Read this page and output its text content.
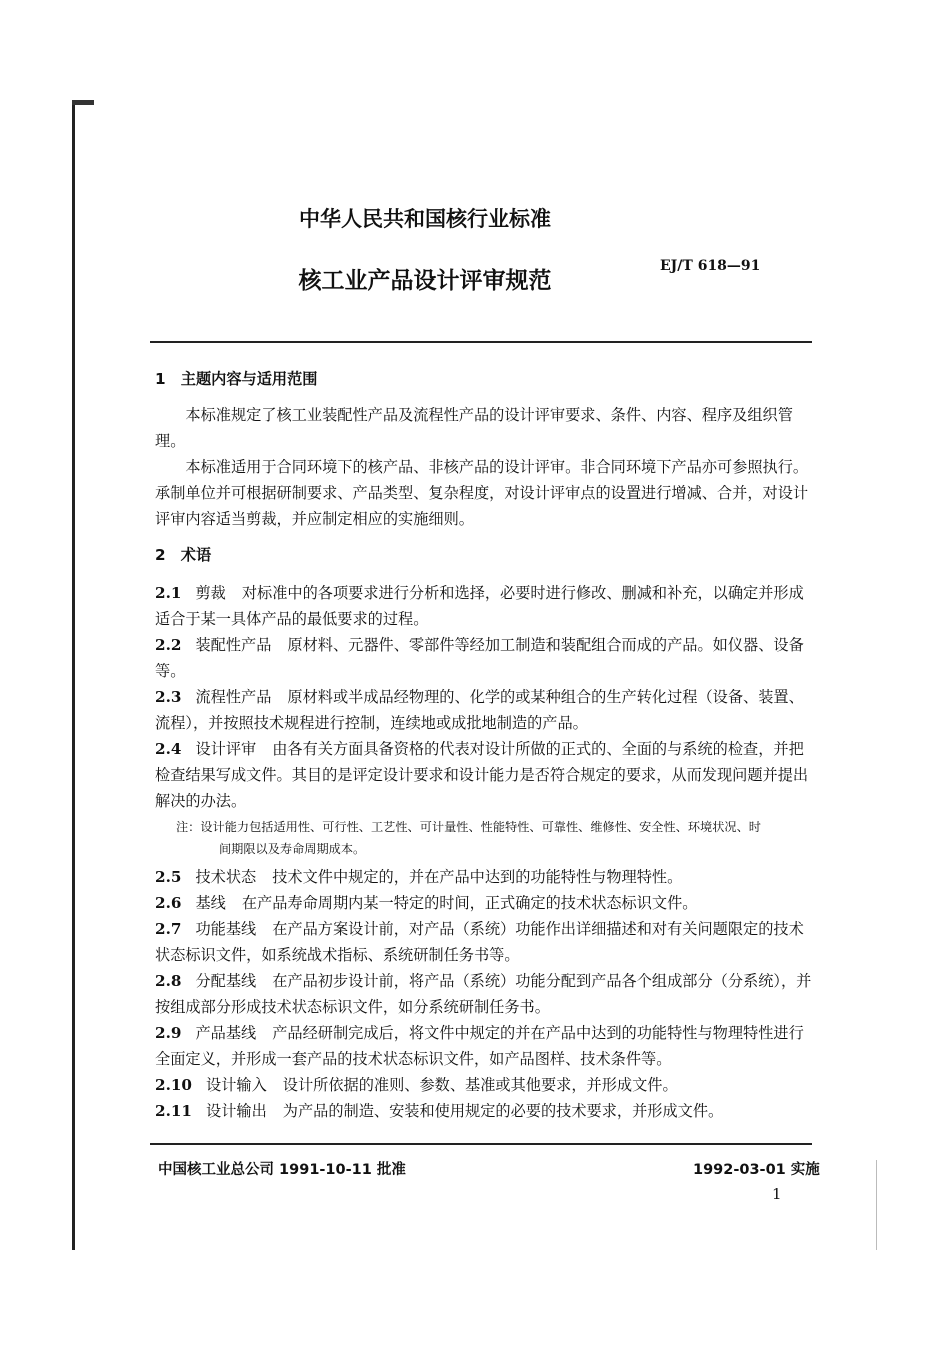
中华人民共和国核行业标准
核工业产品设计评审规范
EJ/T 618—91
1　主题内容与适用范围

本标准规定了核工业装配性产品及流程性产品的设计评审要求、条件、内容、程序及组织管理。

本标准适用于合同环境下的核产品、非核产品的设计评审。非合同环境下产品亦可参照执行。承制单位并可根据研制要求、产品类型、复杂程度，对设计评审点的设置进行增减、合并，对设计评审内容适当剪裁，并应制定相应的实施细则。

2　术语

2.1 剪裁 对标准中的各项要求进行分析和选择，必要时进行修改、删减和补充，以确定并形成适合于某一具体产品的最低要求的过程。

2.2 装配性产品 原材料、元器件、零部件等经加工制造和装配组合而成的产品。如仪器、设备等。

2.3 流程性产品 原材料或半成品经物理的、化学的或某种组合的生产转化过程（设备、装置、流程），并按照技术规程进行控制，连续地或成批地制造的产品。

2.4 设计评审 由各有关方面具备资格的代表对设计所做的正式的、全面的与系统的检查，并把检查结果写成文件。其目的是评定设计要求和设计能力是否符合规定的要求，从而发现问题并提出解决的办法。

注：设计能力包括适用性、可行性、工艺性、可计量性、性能特性、可靠性、维修性、安全性、环境状况、时
间期限以及寿命周期成本。

2.5 技术状态 技术文件中规定的，并在产品中达到的功能特性与物理特性。

2.6 基线 在产品寿命周期内某一特定的时间，正式确定的技术状态标识文件。

2.7 功能基线 在产品方案设计前，对产品（系统）功能作出详细描述和对有关问题限定的技术状态标识文件，如系统战术指标、系统研制任务书等。

2.8 分配基线 在产品初步设计前，将产品（系统）功能分配到产品各个组成部分（分系统），并按组成部分形成技术状态标识文件，如分系统研制任务书。

2.9 产品基线 产品经研制完成后，将文件中规定的并在产品中达到的功能特性与物理特性进行全面定义，并形成一套产品的技术状态标识文件，如产品图样、技术条件等。

2.10 设计输入 设计所依据的准则、参数、基准或其他要求，并形成文件。

2.11 设计输出 为产品的制造、安装和使用规定的必要的技术要求，并形成文件。

中国核工业总公司 1991-10-11 批准	1992-03-01 实施
1
